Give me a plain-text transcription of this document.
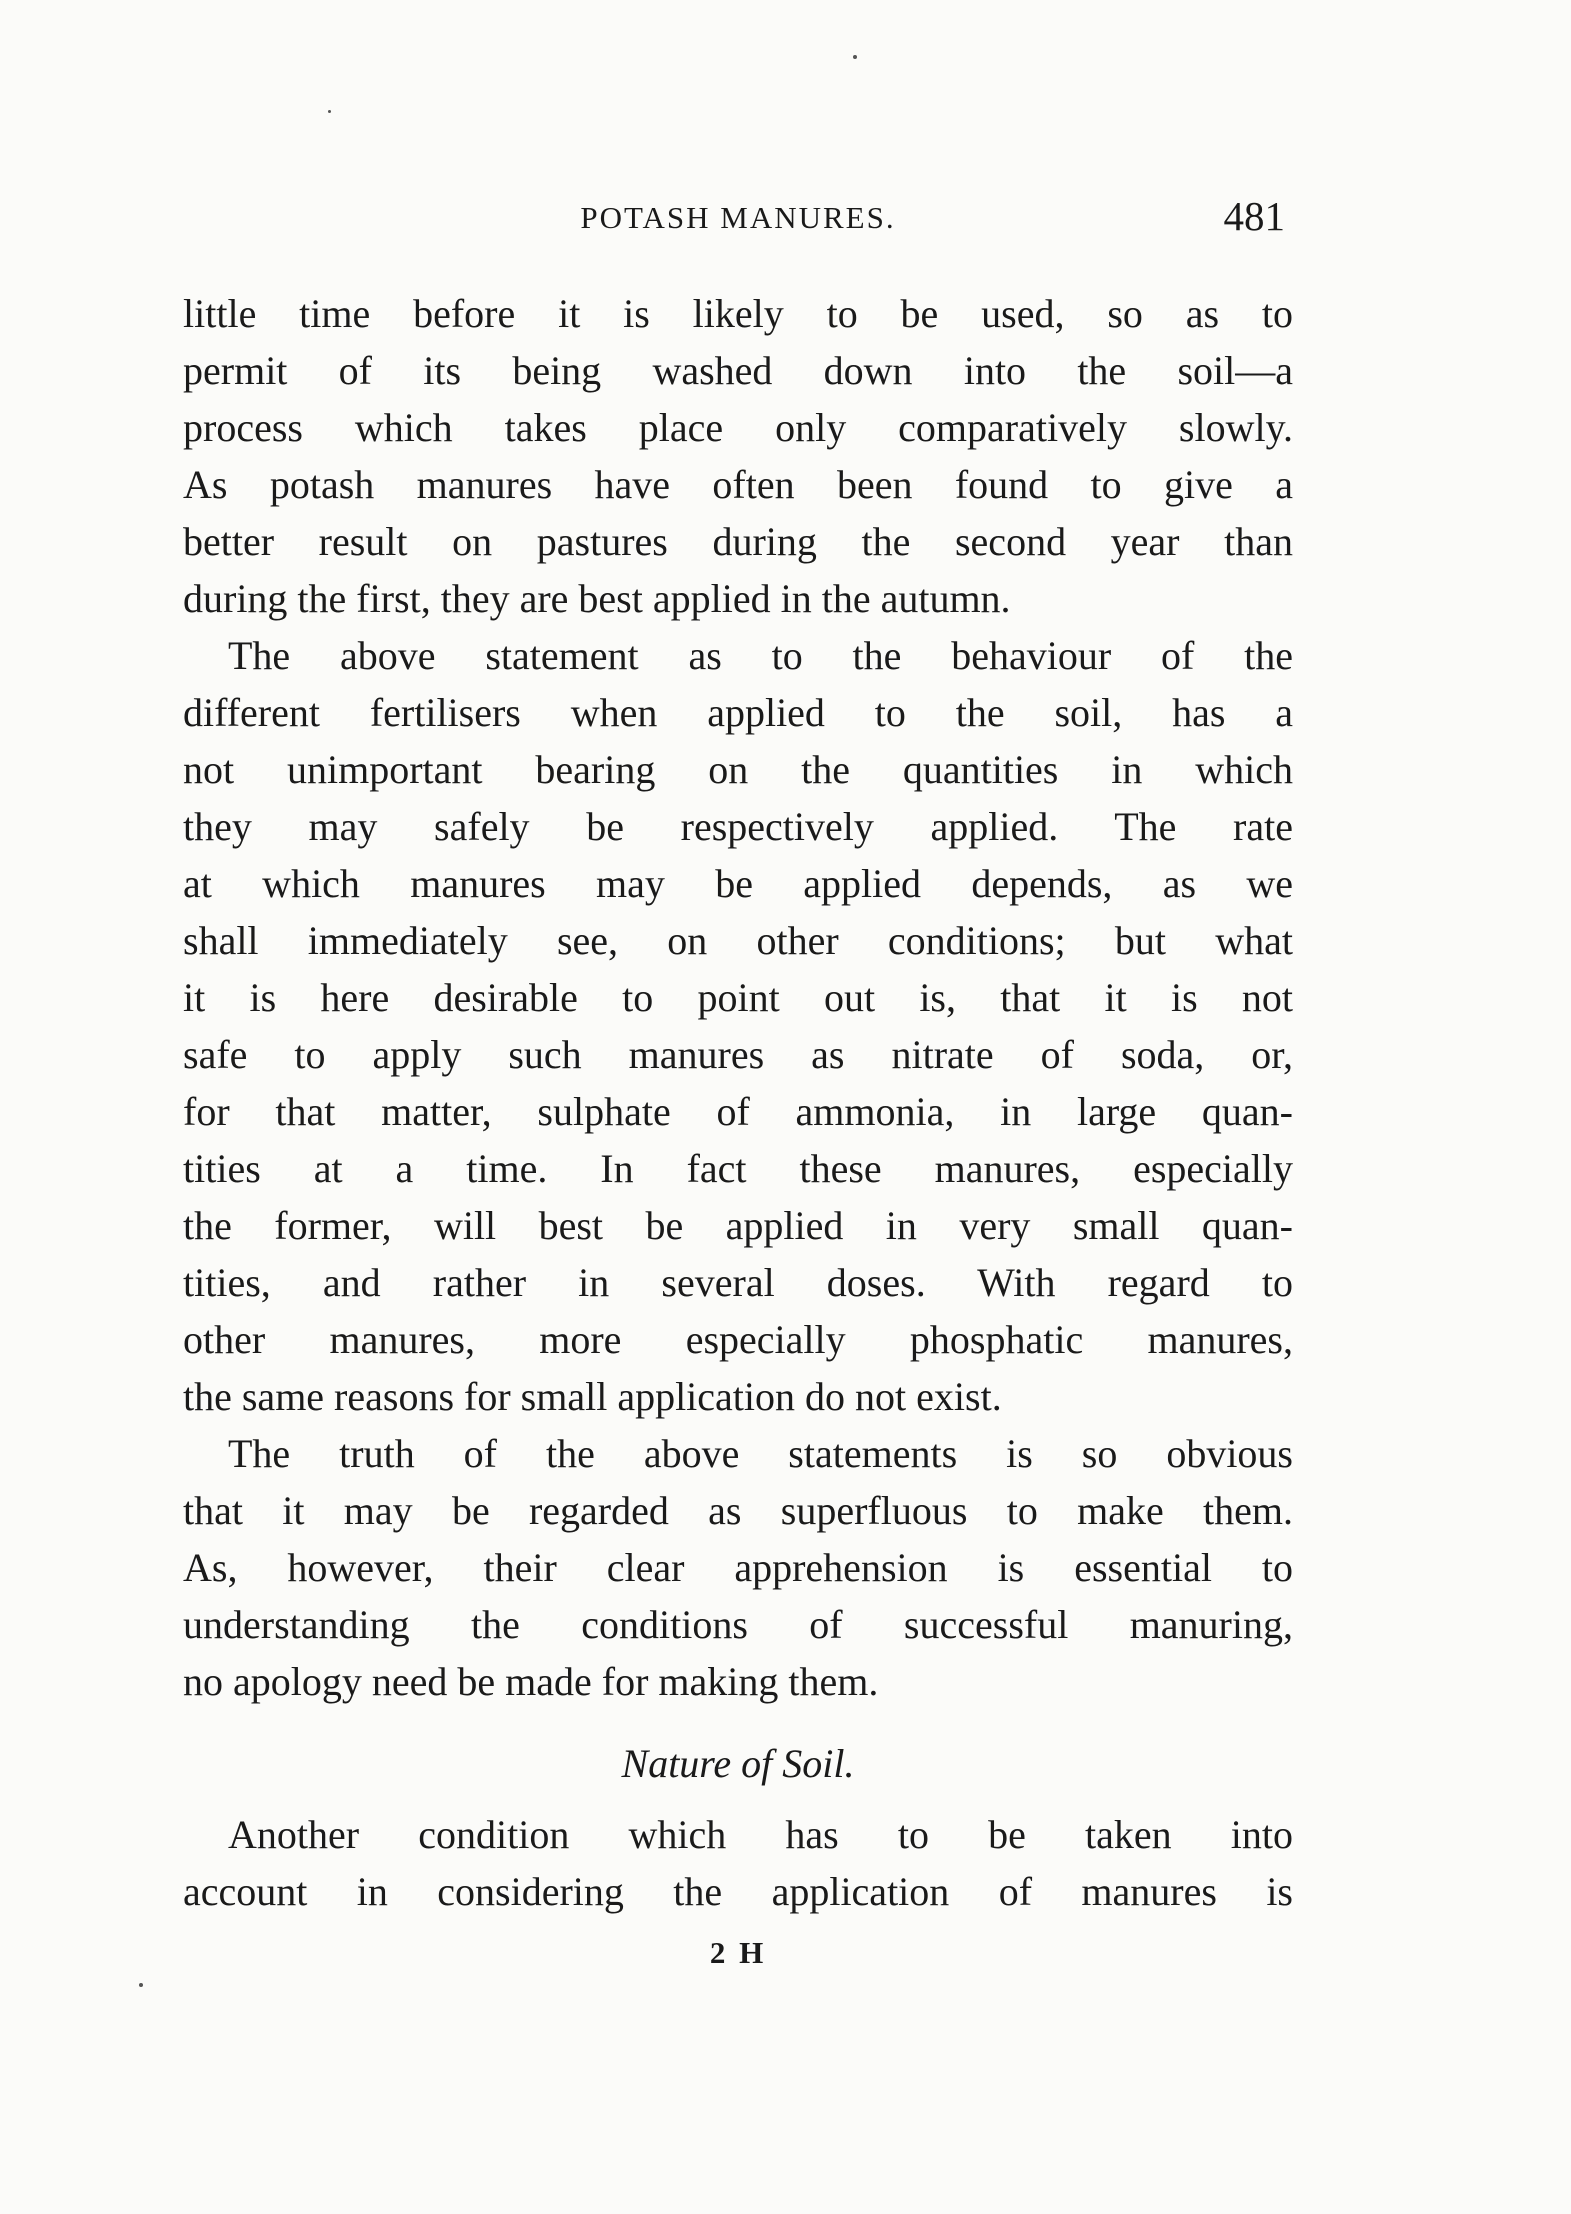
POTASH MANURES.	481
little time before it is likely to be used, so as to
permit of its being washed down into the soil—a
process which takes place only comparatively slowly.
As potash manures have often been found to give a
better result on pastures during the second year than
during the first, they are best applied in the autumn.
The above statement as to the behaviour of the
different fertilisers when applied to the soil, has a
not unimportant bearing on the quantities in which
they may safely be respectively applied. The rate
at which manures may be applied depends, as we
shall immediately see, on other conditions; but what
it is here desirable to point out is, that it is not
safe to apply such manures as nitrate of soda, or,
for that matter, sulphate of ammonia, in large quan-
tities at a time. In fact these manures, especially
the former, will best be applied in very small quan-
tities, and rather in several doses. With regard to
other manures, more especially phosphatic manures,
the same reasons for small application do not exist.
The truth of the above statements is so obvious
that it may be regarded as superfluous to make them.
As, however, their clear apprehension is essential to
understanding the conditions of successful manuring,
no apology need be made for making them.
Nature of Soil.
Another condition which has to be taken into
account in considering the application of manures is
2 H
